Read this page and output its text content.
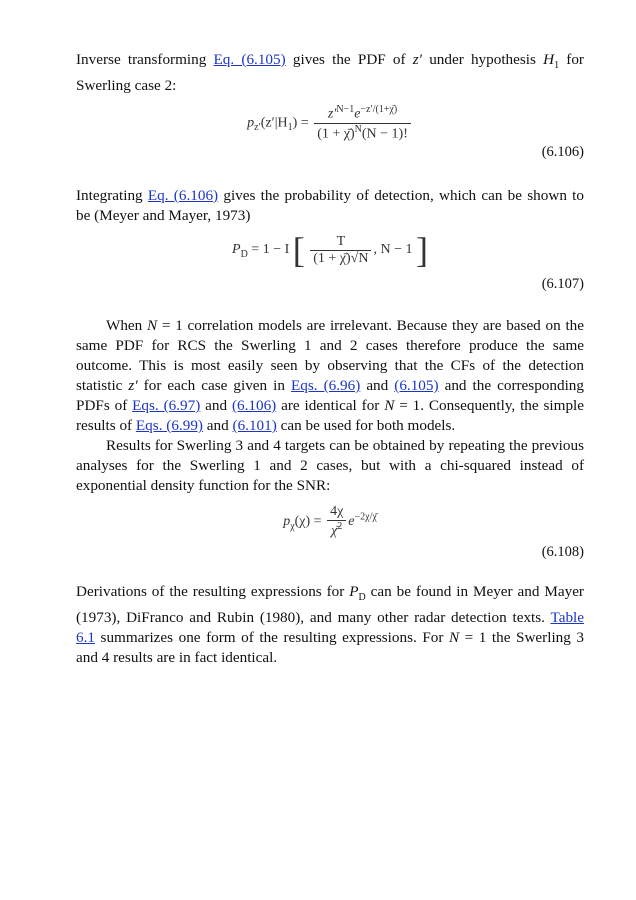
Inverse transforming Eq. (6.105) gives the PDF of z′ under hypothesis $H_1$ for Swerling case 2:

$p_{z'}(z'|H_1) = \frac{z'^{N-1}e^{-z'/(1+\chī)}}{(1 + \chī)^N(N - 1)!}$
(6.106)

Integrating Eq. (6.106) gives the probability of detection, which can be shown to be (Meyer and Mayer, 1973)

$P_D = 1 - I$ [ $\frac{T}{(1 + \chī)√N}$ , N − 1 ]
(6.107)

When N = 1 correlation models are irrelevant. Because they are based on the same PDF for RCS the Swerling 1 and 2 cases therefore produce the same outcome. This is most easily seen by observing that the CFs of the detection statistic z′ for each case given in Eqs. (6.96) and (6.105) and the corresponding PDFs of Eqs. (6.97) and (6.106) are identical for N = 1. Consequently, the simple results of Eqs. (6.99) and (6.101) can be used for both models.

Results for Swerling 3 and 4 targets can be obtained by repeating the previous analyses for the Swerling 1 and 2 cases, but with a chi-squared instead of exponential density function for the SNR:

$p_\chi(\chi) = \frac{4\chi}{\chī^2} e^{-2\chi/\chī}$
(6.108)

Derivations of the resulting expressions for $P_D$ can be found in Meyer and Mayer (1973), DiFranco and Rubin (1980), and many other radar detection texts. Table 6.1 summarizes one form of the resulting expressions. For N = 1 the Swerling 3 and 4 results are in fact identical.
